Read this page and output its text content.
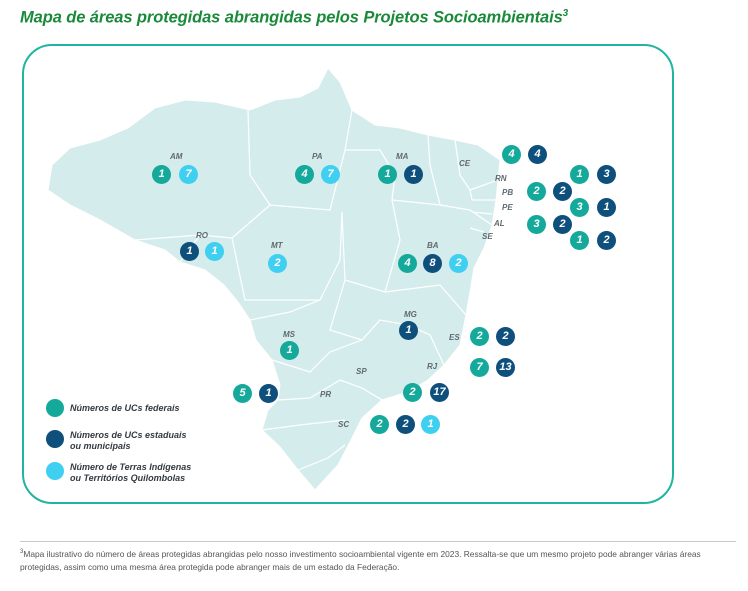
Mapa de áreas protegidas abrangidas pelos Projetos Socioambientais$^3$
AM	PA	MA
CE
RN
PB
PE
AL
SE
RO
MT	BA
MG
MS	ES
RJ
SP
PR
SC
1	7	4	7	1	1
4	4
1	3
2	2
3	1
3	2
1	2
1	1
2	4	8	2
1
1
2	2
7	13
2	17
5	1
2	2	1
Números de UCs federais
Números de UCs estaduais
ou municipais
Número de Terras Indígenas
ou Territórios Quilombolas
$^3$Mapa ilustrativo do número de áreas protegidas abrangidas pelo nosso investimento socioambiental vigente em 2023. Ressalta-se que um mesmo projeto pode abranger várias áreas protegidas, assim como uma mesma área protegida pode abranger mais de um estado da Federação.
